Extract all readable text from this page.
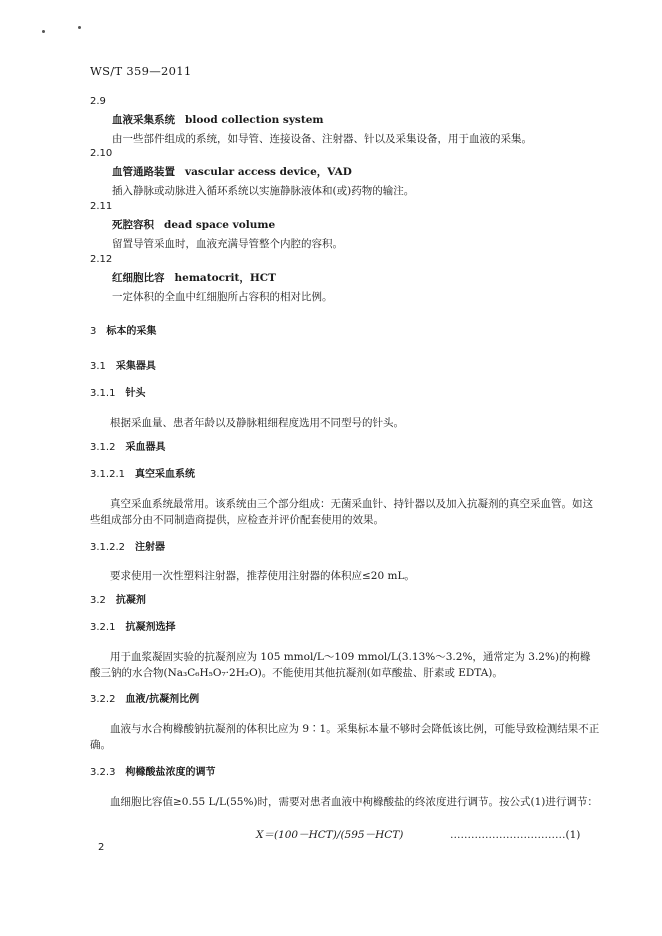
WS/T 359—2011
2.9
血液采集系统 blood collection system
由一些部件组成的系统，如导管、连接设备、注射器、针以及采集设备，用于血液的采集。
2.10
血管通路装置 vascular access device，VAD
插入静脉或动脉进入循环系统以实施静脉液体和(或)药物的输注。
2.11
死腔容积 dead space volume
留置导管采血时，血液充满导管整个内腔的容积。
2.12
红细胞比容 hematocrit，HCT
一定体积的全血中红细胞所占容积的相对比例。
3 标本的采集
3.1 采集器具
3.1.1 针头
根据采血量、患者年龄以及静脉粗细程度选用不同型号的针头。
3.1.2 采血器具
3.1.2.1 真空采血系统
真空采血系统最常用。该系统由三个部分组成：无菌采血针、持针器以及加入抗凝剂的真空采血管。如这些组成部分由不同制造商提供，应检查并评价配套使用的效果。
3.1.2.2 注射器
要求使用一次性塑料注射器，推荐使用注射器的体积应≤20 mL。
3.2 抗凝剂
3.2.1 抗凝剂选择
用于血浆凝固实验的抗凝剂应为 105 mmol/L～109 mmol/L(3.13%～3.2%，通常定为 3.2%)的枸橼酸三钠的水合物(Na₃C₆H₅O₇·2H₂O)。不能使用其他抗凝剂(如草酸盐、肝素或 EDTA)。
3.2.2 血液/抗凝剂比例
血液与水合枸橼酸钠抗凝剂的体积比应为 9∶1。采集标本量不够时会降低该比例，可能导致检测结果不正确。
3.2.3 枸橼酸盐浓度的调节
血细胞比容值≥0.55 L/L(55%)时，需要对患者血液中枸橼酸盐的终浓度进行调节。按公式(1)进行调节：
X＝(100－HCT)/(595－HCT)	……………………………(1)
2
